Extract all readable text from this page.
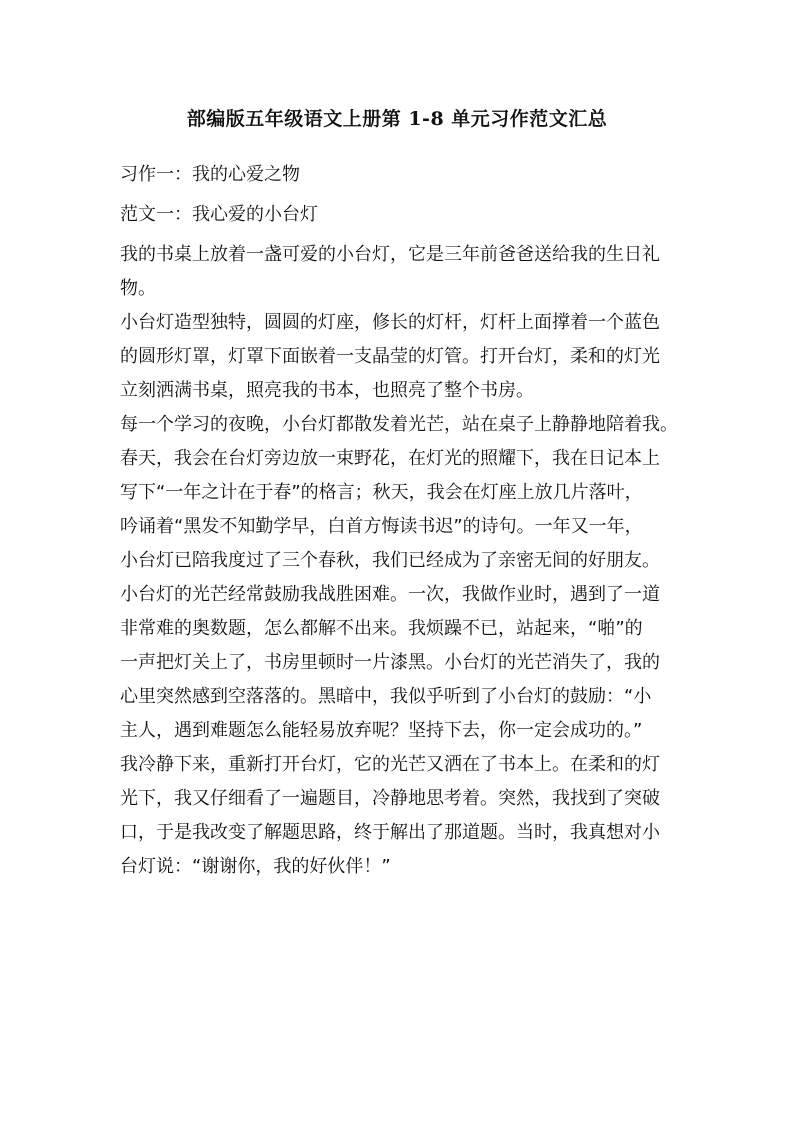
部编版五年级语文上册第 1-8 单元习作范文汇总
习作一：我的心爱之物
范文一：我心爱的小台灯
我的书桌上放着一盏可爱的小台灯，它是三年前爸爸送给我的生日礼
物。
小台灯造型独特，圆圆的灯座，修长的灯杆，灯杆上面撑着一个蓝色
的圆形灯罩，灯罩下面嵌着一支晶莹的灯管。打开台灯，柔和的灯光
立刻洒满书桌，照亮我的书本，也照亮了整个书房。
每一个学习的夜晚，小台灯都散发着光芒，站在桌子上静静地陪着我。
春天，我会在台灯旁边放一束野花，在灯光的照耀下，我在日记本上
写下“一年之计在于春”的格言；秋天，我会在灯座上放几片落叶，
吟诵着“黑发不知勤学早，白首方悔读书迟”的诗句。一年又一年，
小台灯已陪我度过了三个春秋，我们已经成为了亲密无间的好朋友。
小台灯的光芒经常鼓励我战胜困难。一次，我做作业时，遇到了一道
非常难的奥数题，怎么都解不出来。我烦躁不已，站起来，“啪”的
一声把灯关上了，书房里顿时一片漆黑。小台灯的光芒消失了，我的
心里突然感到空落落的。黑暗中，我似乎听到了小台灯的鼓励：“小
主人，遇到难题怎么能轻易放弃呢？坚持下去，你一定会成功的。”
我冷静下来，重新打开台灯，它的光芒又洒在了书本上。在柔和的灯
光下，我又仔细看了一遍题目，冷静地思考着。突然，我找到了突破
口，于是我改变了解题思路，终于解出了那道题。当时，我真想对小
台灯说：“谢谢你，我的好伙伴！”
